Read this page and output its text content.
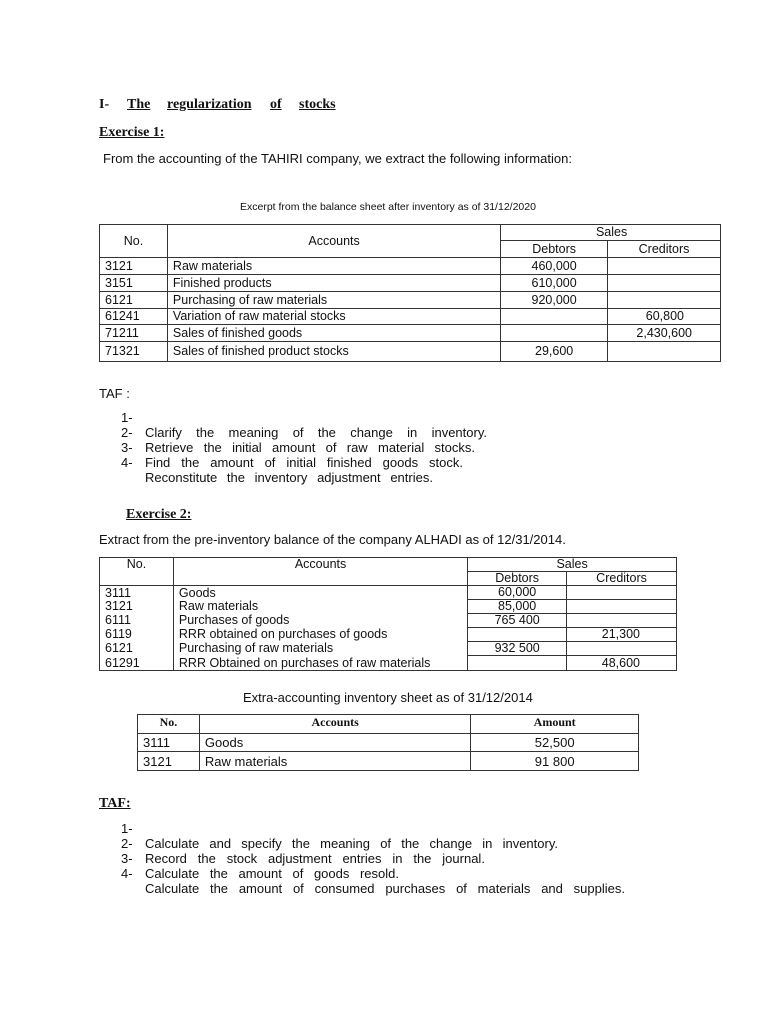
I- The regularization of stocks
Exercise 1:
From the accounting of the TAHIRI company, we extract the following information:
Excerpt from the balance sheet after inventory as of 31/12/2020
No.	Accounts	Sales	
		Debtors	Creditors
3121	Raw materials	460,000	
3151	Finished products	610,000	
6121	Purchasing of raw materials	920,000	
61241	Variation of raw material stocks		60,800
71211	Sales of finished goods		2,430,600
71321	Sales of finished product stocks	29,600	
TAF :
1-
Clarify the meaning of the change in inventory.
2-
Retrieve the initial amount of raw material stocks.
3-
Find the amount of initial finished goods stock.
4-
Reconstitute the inventory adjustment entries.
Exercise 2:
Extract from the pre-inventory balance of the company ALHADI as of 12/31/2014.
No.	Accounts	Sales	
		Debtors	Creditors
3111	Goods	60,000	
3121	Raw materials	85,000	
6111	Purchases of goods	765 400	
6119	RRR obtained on purchases of goods		21,300
6121	Purchasing of raw materials	932 500	
61291	RRR Obtained on purchases of raw materials		48,600
Extra-accounting inventory sheet as of 31/12/2014
No.	Accounts	Amount
3111	Goods	52,500
3121	Raw materials	91 800
TAF:
1-
Calculate and specify the meaning of the change in inventory.
2-
Record the stock adjustment entries in the journal.
3-
Calculate the amount of goods resold.
4-
Calculate the amount of consumed purchases of materials and supplies.
